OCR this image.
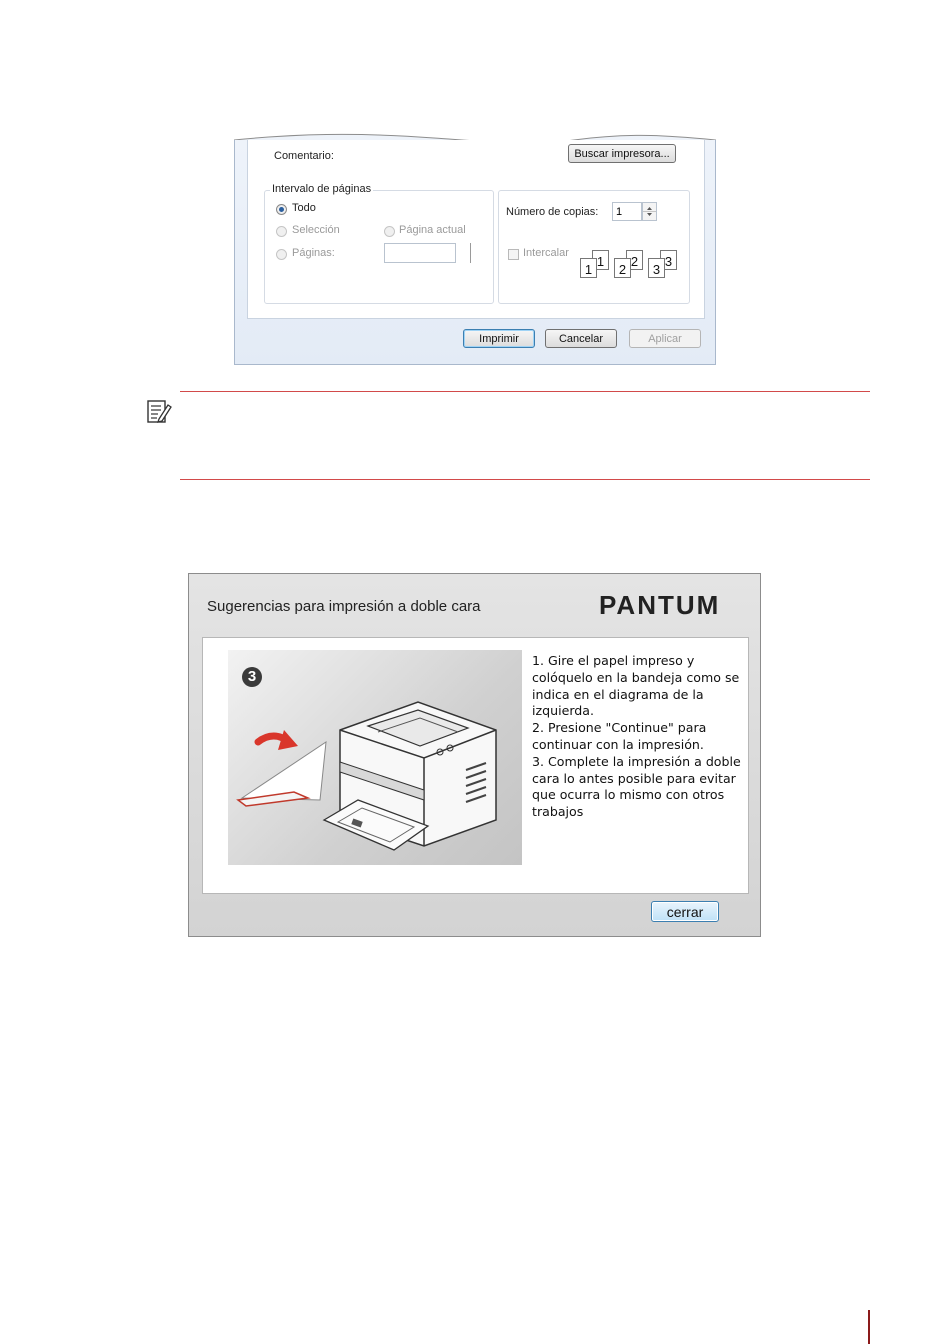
Comentario:	Buscar impresora...
Intervalo de páginas
Todo
Selección	Página actual
Páginas:
Número de copias:
1
Intercalar
1
1
2
2
3
3
Imprimir	Cancelar	Aplicar
Sugerencias para impresión a doble cara	PANTUM
3

1. Gire el papel impreso y colóquelo en la bandeja como se indica en el diagrama de la izquierda.

2. Presione "Continue" para continuar con la impresión.

3. Complete la impresión a doble cara lo antes posible para evitar que ocurra lo mismo con otros trabajos

cerrar
